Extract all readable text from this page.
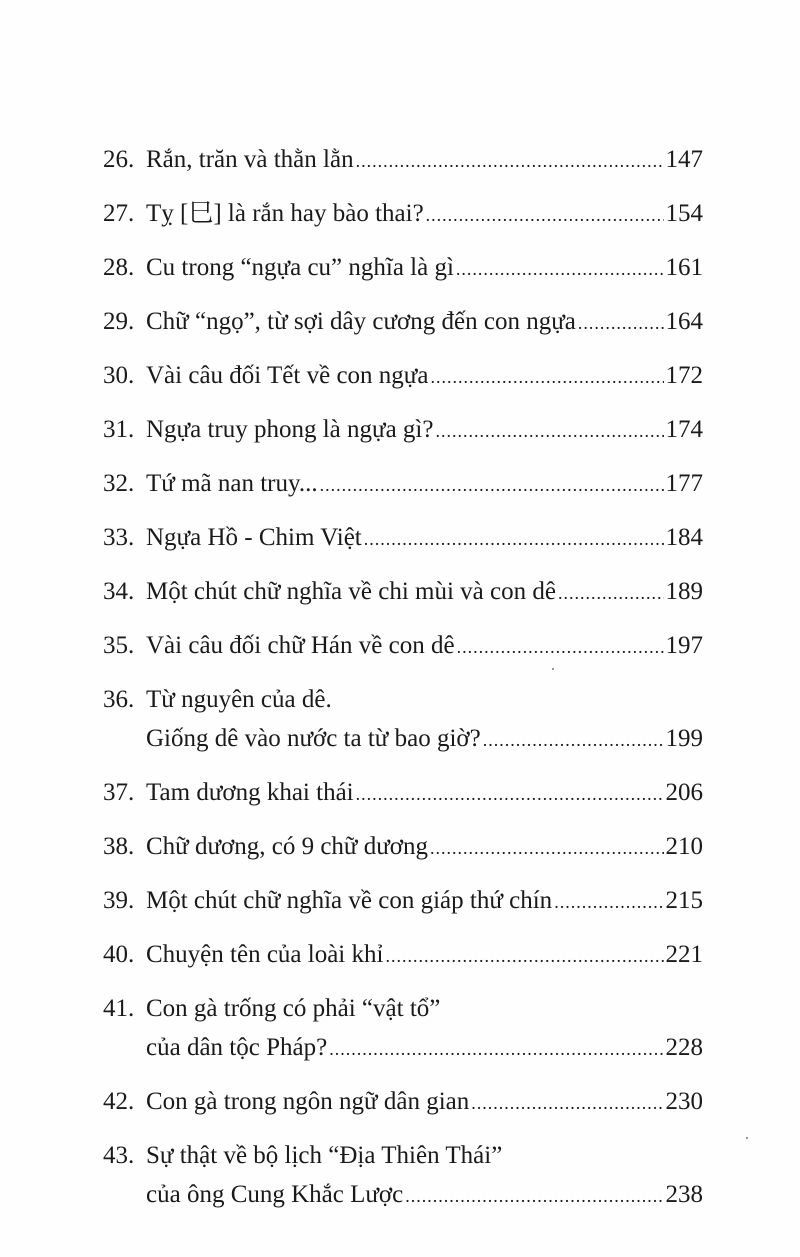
26. Rắn, trăn và thằn lằn .....	147
27. Tỵ [巳] là rắn hay bào thai? .....	154
28. Cu trong “ngựa cu” nghĩa là gì .....	161
29. Chữ “ngọ”, từ sợi dây cương đến con ngựa .....	164
30. Vài câu đối Tết về con ngựa .....	172
31. Ngựa truy phong là ngựa gì? .....	174
32. Tứ mã nan truy... .....	177
33. Ngựa Hồ - Chim Việt .....	184
34. Một chút chữ nghĩa về chi mùi và con dê .....	189
35. Vài câu đối chữ Hán về con dê .....	197
36. Từ nguyên của dê.
Giống dê vào nước ta từ bao giờ? .....	199
37. Tam dương khai thái .....	206
38. Chữ dương, có 9 chữ dương .....	210
39. Một chút chữ nghĩa về con giáp thứ chín .....	215
40. Chuyện tên của loài khỉ .....	221
41. Con gà trống có phải “vật tổ”
của dân tộc Pháp? .....	228
42. Con gà trong ngôn ngữ dân gian .....	230
43. Sự thật về bộ lịch “Địa Thiên Thái”
của ông Cung Khắc Lược .....	238
